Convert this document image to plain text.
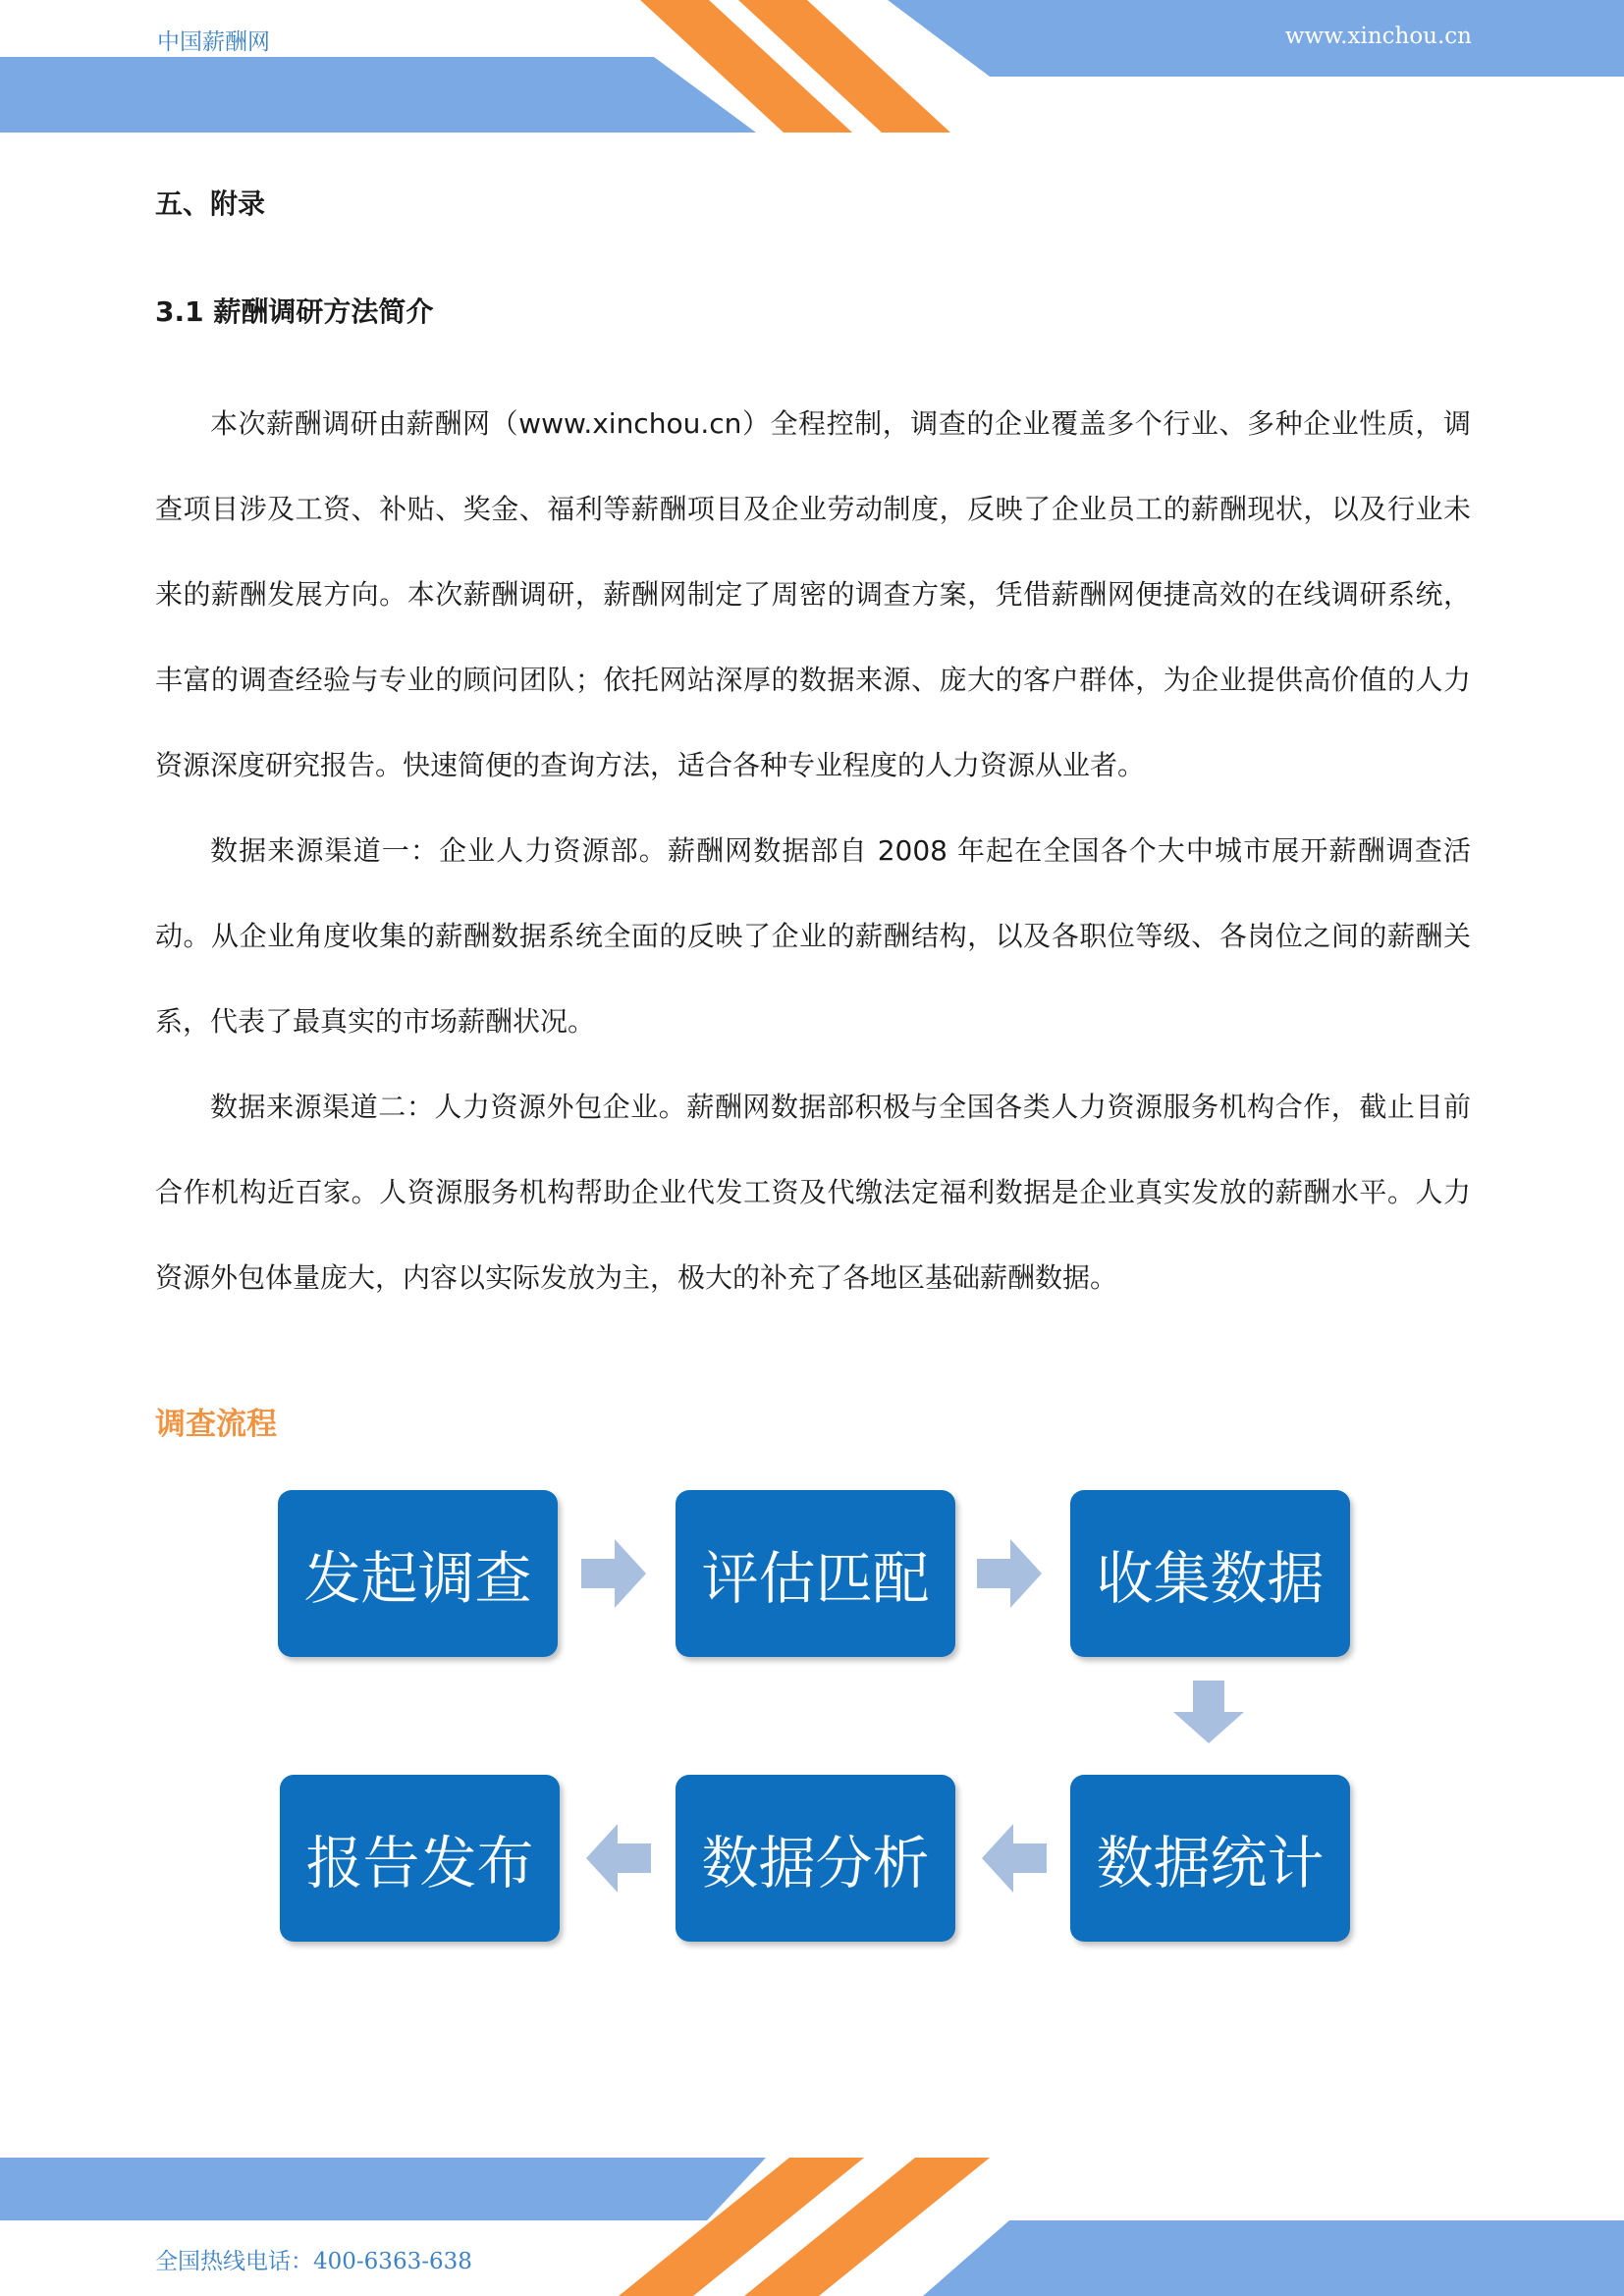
中国薪酬网	www.xinchou.cn
五、附录
3.1 薪酬调研方法简介

本次薪酬调研由薪酬网（www.xinchou.cn）全程控制，调查的企业覆盖多个行业、多种企业性质，调查项目涉及工资、补贴、奖金、福利等薪酬项目及企业劳动制度，反映了企业员工的薪酬现状，以及行业未来的薪酬发展方向。本次薪酬调研，薪酬网制定了周密的调查方案，凭借薪酬网便捷高效的在线调研系统，丰富的调查经验与专业的顾问团队；依托网站深厚的数据来源、庞大的客户群体，为企业提供高价值的人力资源深度研究报告。快速简便的查询方法，适合各种专业程度的人力资源从业者。

数据来源渠道一：企业人力资源部。薪酬网数据部自 2008 年起在全国各个大中城市展开薪酬调查活动。从企业角度收集的薪酬数据系统全面的反映了企业的薪酬结构，以及各职位等级、各岗位之间的薪酬关系，代表了最真实的市场薪酬状况。

数据来源渠道二：人力资源外包企业。薪酬网数据部积极与全国各类人力资源服务机构合作，截止目前合作机构近百家。人资源服务机构帮助企业代发工资及代缴法定福利数据是企业真实发放的薪酬水平。人力资源外包体量庞大，内容以实际发放为主，极大的补充了各地区基础薪酬数据。

调查流程
发起调查	评估匹配	收集数据
数据统计
数据分析
报告发布
全国热线电话：400-6363-638
